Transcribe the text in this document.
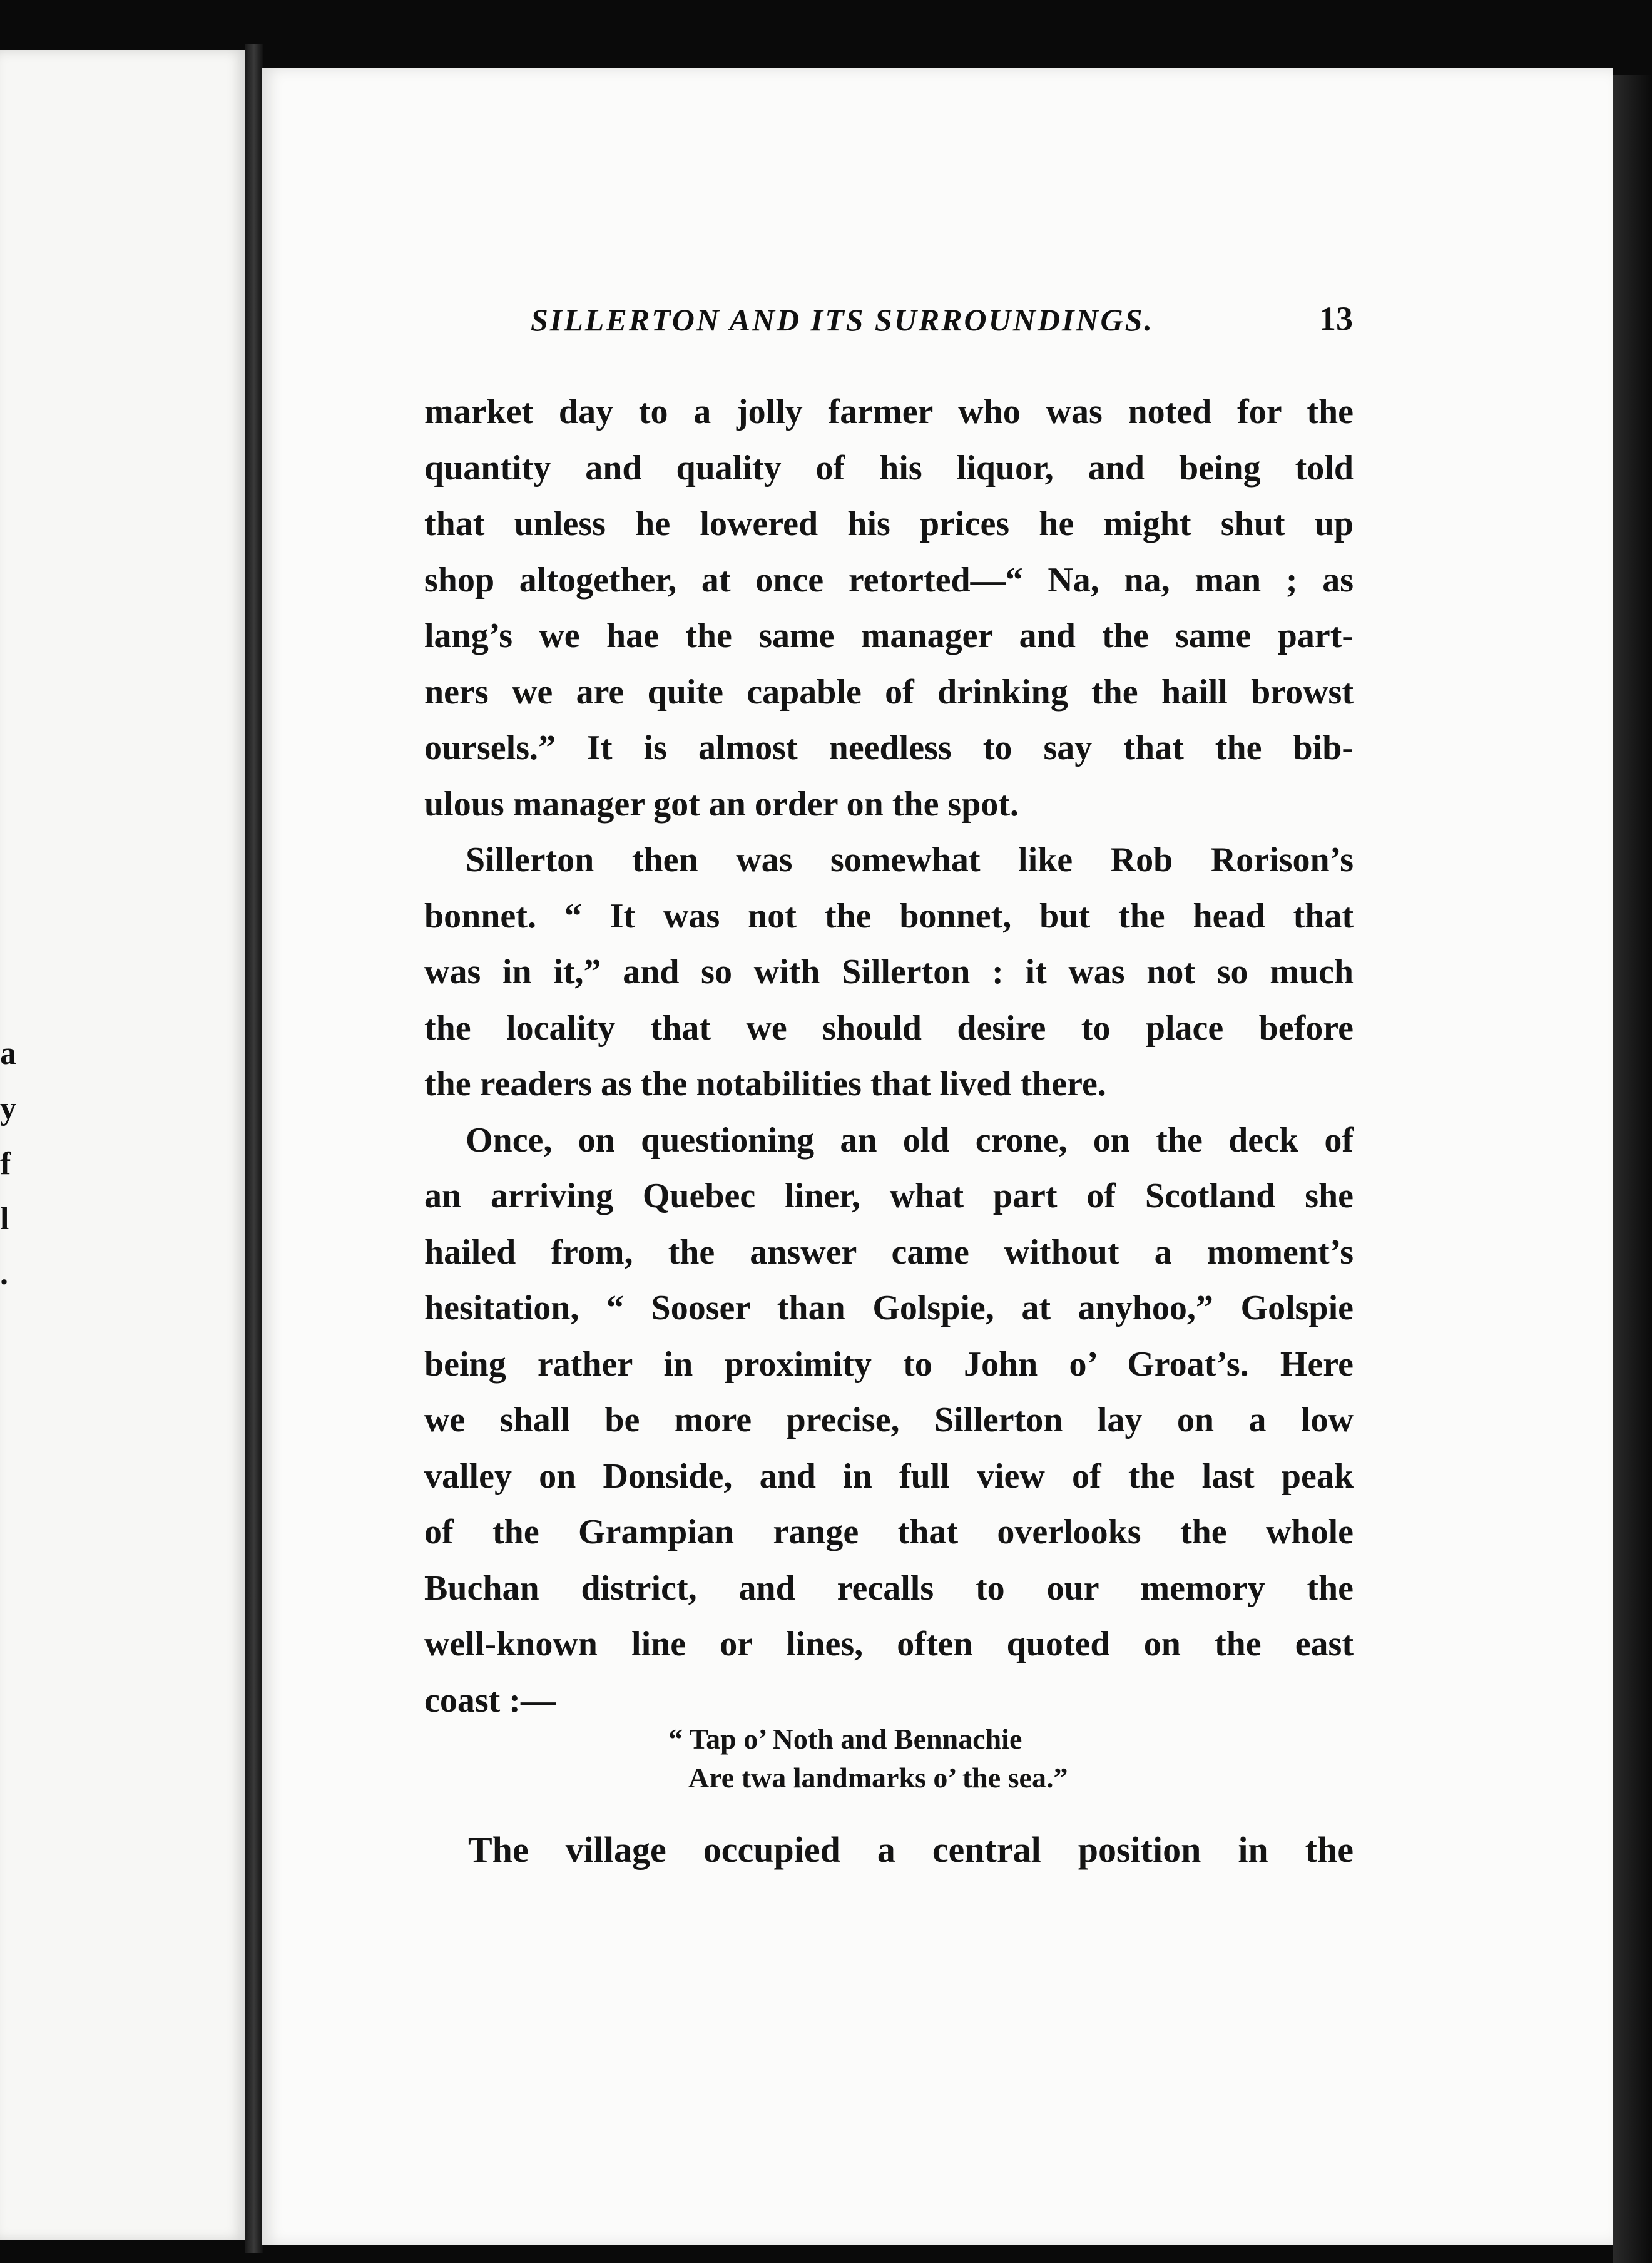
a
y
f
l
.
SILLERTON AND ITS SURROUNDINGS.	13
market day to a jolly farmer who was noted for the
quantity and quality of his liquor, and being told
that unless he lowered his prices he might shut up
shop altogether, at once retorted—“ Na, na, man ; as
lang’s we hae the same manager and the same part-
ners we are quite capable of drinking the haill browst
oursels.” It is almost needless to say that the bib-
ulous manager got an order on the spot.
Sillerton then was somewhat like Rob Rorison’s
bonnet. “ It was not the bonnet, but the head that
was in it,” and so with Sillerton : it was not so much
the locality that we should desire to place before
the readers as the notabilities that lived there.
Once, on questioning an old crone, on the deck of
an arriving Quebec liner, what part of Scotland she
hailed from, the answer came without a moment’s
hesitation, “ Sooser than Golspie, at anyhoo,” Golspie
being rather in proximity to John o’ Groat’s. Here
we shall be more precise, Sillerton lay on a low
valley on Donside, and in full view of the last peak
of the Grampian range that overlooks the whole
Buchan district, and recalls to our memory the
well-known line or lines, often quoted on the east
coast :—
“ Tap o’ Noth and Bennachie
Are twa landmarks o’ the sea.”
The village occupied a central position in the
